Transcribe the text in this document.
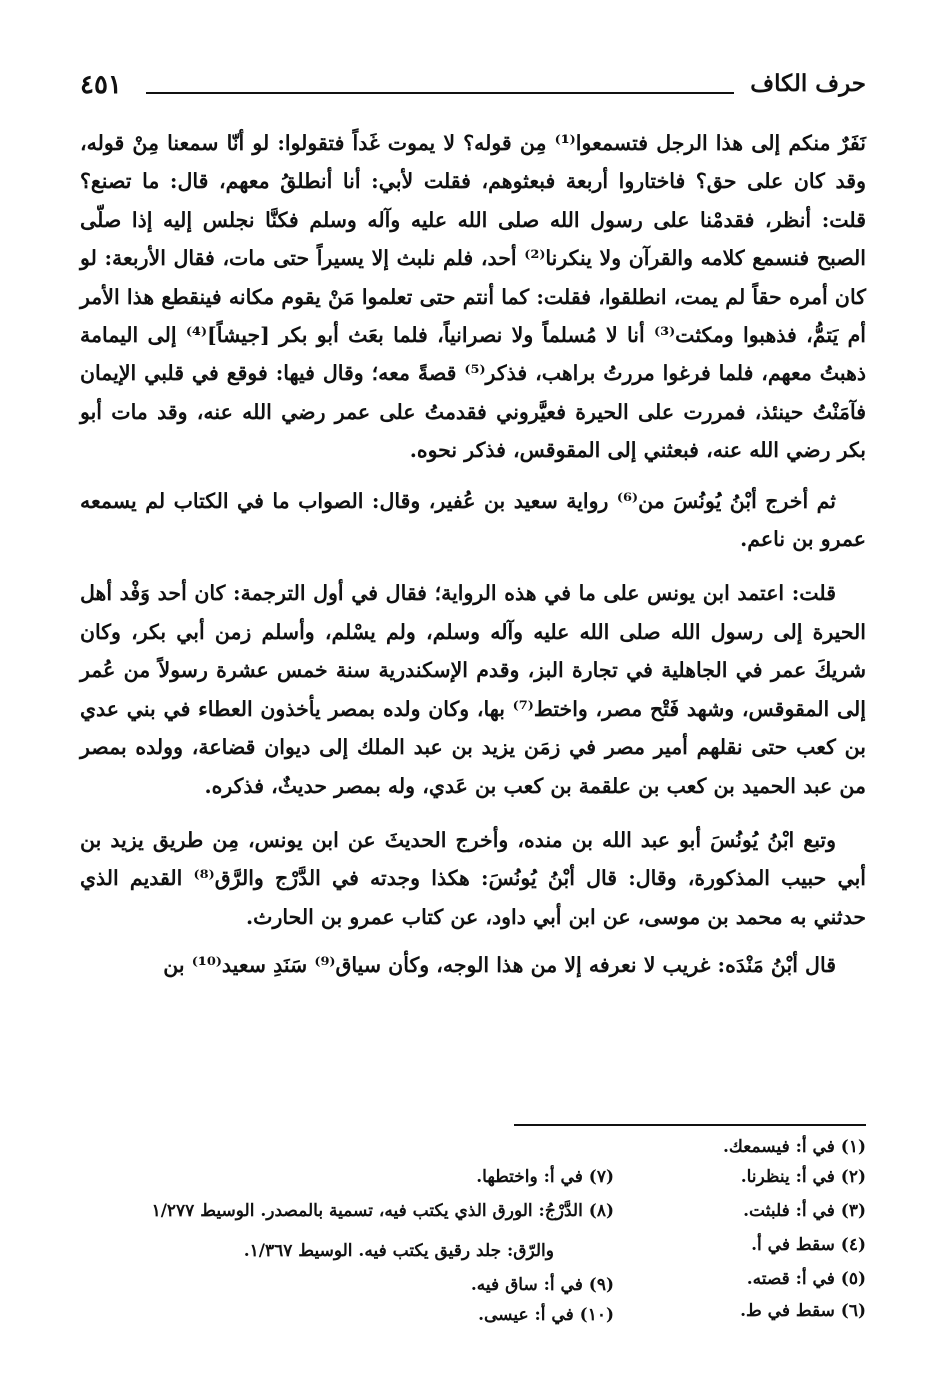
حرف الكاف
٤٥١

نَفَرٌ منكم إلى هذا الرجل فتسمعوا⁽¹⁾ مِن قوله؟ لا يموت غَداً فتقولوا: لو أنّا سمعنا مِنْ قوله، وقد كان على حق؟ فاختاروا أربعة فبعثوهم، فقلت لأبي: أنا أنطلقُ معهم، قال: ما تصنع؟ قلت: أنظر، فقدمْنا على رسول الله صلى الله عليه وآله وسلم فكنَّا نجلس إليه إذا صلّى الصبح فنسمع كلامه والقرآن ولا ينكرنا⁽²⁾ أحد، فلم نلبث إلا يسيراً حتى مات، فقال الأربعة: لو كان أمره حقاً لم يمت، انطلقوا، فقلت: كما أنتم حتى تعلموا مَنْ يقوم مكانه فينقطع هذا الأمر أم يَتمُّ، فذهبوا ومكثت⁽³⁾ أنا لا مُسلماً ولا نصرانياً، فلما بعَث أبو بكر [جيشاً]⁽⁴⁾ إلى اليمامة ذهبتُ معهم، فلما فرغوا مررتُ براهب، فذكر⁽⁵⁾ قصةً معه؛ وقال فيها: فوقع في قلبي الإيمان فآمَنْتُ حينئذ، فمررت على الحيرة فعيَّروني فقدمتُ على عمر رضي الله عنه، وقد مات أبو بكر رضي الله عنه، فبعثني إلى المقوقس، فذكر نحوه.

ثم أخرج أبْنُ يُونُسَ من⁽⁶⁾ رواية سعيد بن عُفير، وقال: الصواب ما في الكتاب لم يسمعه عمرو بن ناعم.

قلت: اعتمد ابن يونس على ما في هذه الرواية؛ فقال في أول الترجمة: كان أحد وَفْد أهل الحيرة إلى رسول الله صلى الله عليه وآله وسلم، ولم يسْلم، وأسلم زمن أبي بكر، وكان شريكَ عمر في الجاهلية في تجارة البز، وقدم الإسكندرية سنة خمس عشرة رسولاً من عُمر إلى المقوقس، وشهد فَتْح مصر، واختط⁽⁷⁾ بها، وكان ولده بمصر يأخذون العطاء في بني عدي بن كعب حتى نقلهم أمير مصر في زمَن يزيد بن عبد الملك إلى ديوان قضاعة، وولده بمصر من عبد الحميد بن كعب بن علقمة بن كعب بن عَدي، وله بمصر حديثٌ، فذكره.

وتبع ابْنُ يُونُسَ أبو عبد الله بن منده، وأخرج الحديثَ عن ابن يونس، مِن طريق يزيد بن أبي حبيب المذكورة، وقال: قال أبْنُ يُونُسَ: هكذا وجدته في الدَّرْج والرَّق⁽⁸⁾ القديم الذي حدثني به محمد بن موسى، عن ابن أبي داود، عن كتاب عمرو بن الحارث.

قال أبْنُ مَنْدَه: غريب لا نعرفه إلا من هذا الوجه، وكأن سياق⁽⁹⁾ سَنَدِ سعيد⁽¹⁰⁾ بن

(١) في أ: فيسمعك.
(٢) في أ: ينظرنا.
(٣) في أ: فلبثت.
(٤) سقط في أ.
(٥) في أ: قصته.
(٦) سقط في ط.
(٧) في أ: واختطها.
(٨) الدَّرْجُ: الورق الذي يكتب فيه، تسمية بالمصدر. الوسيط ١/٢٧٧
والرّق: جلد رقيق يكتب فيه. الوسيط ١/٣٦٧.
(٩) في أ: ساق فيه.
(١٠) في أ: عيسى.
